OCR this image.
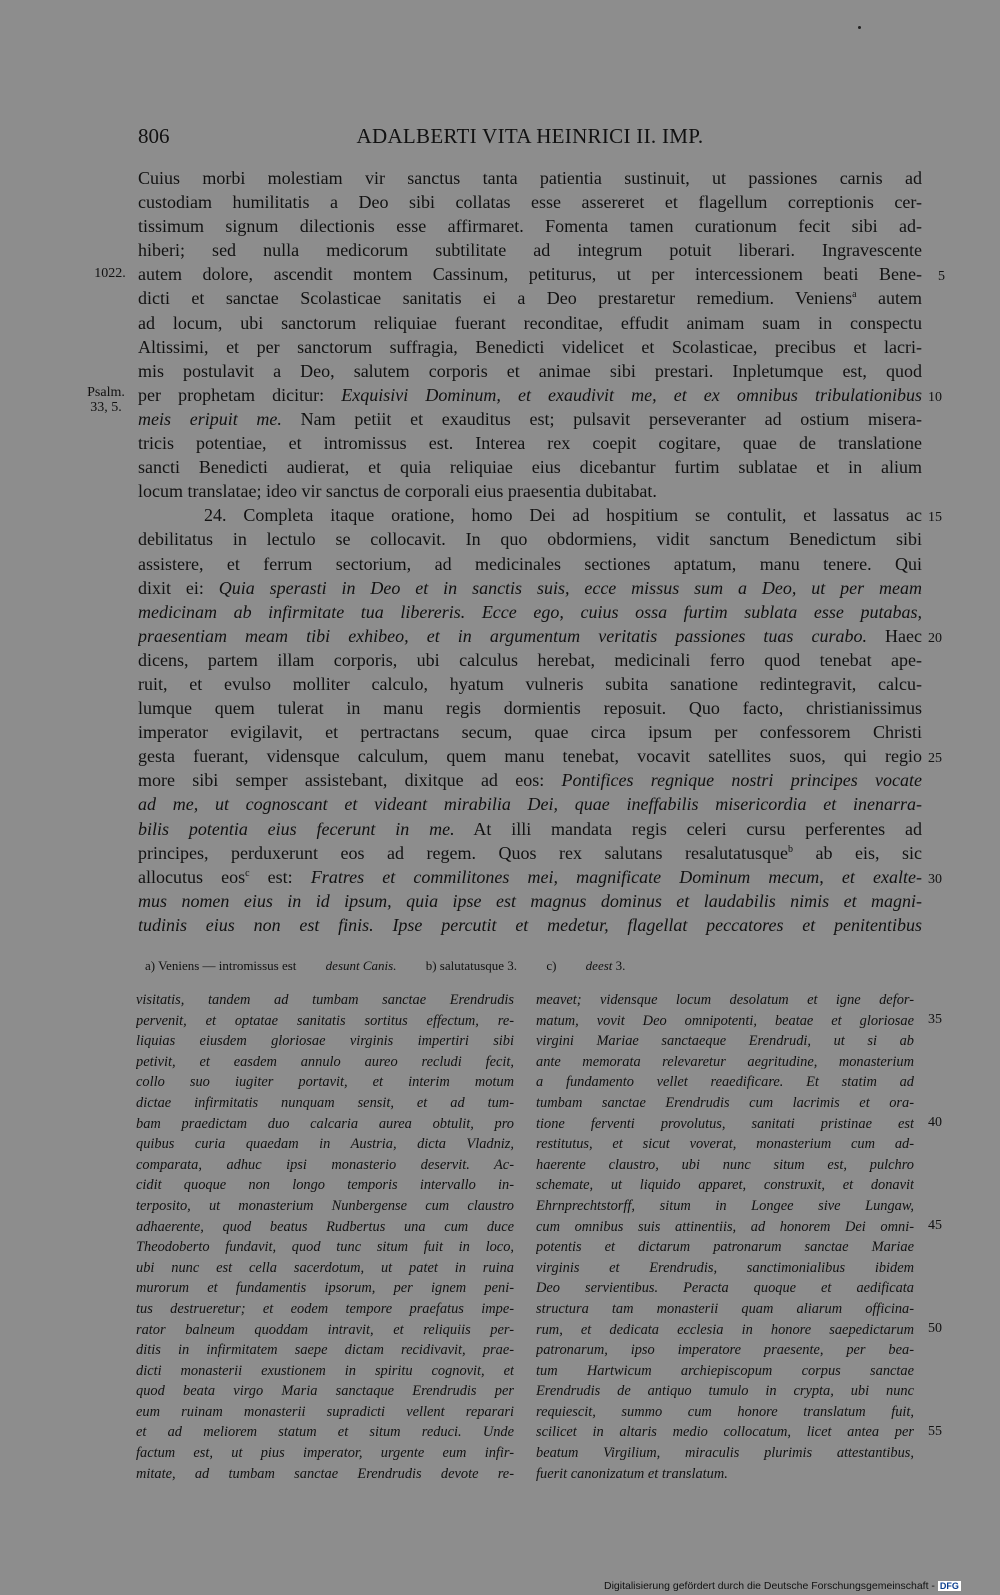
806	ADALBERTI VITA HEINRICI II. IMP.
1022.
Psalm.
33, 5.
5
10
15
20
25
30
35
40
45
50
55
Cuius morbi molestiam vir sanctus tanta patientia sustinuit, ut passiones carnis ad
custodiam humilitatis a Deo sibi collatas esse assereret et flagellum correptionis cer-
tissimum signum dilectionis esse affirmaret. Fomenta tamen curationum fecit sibi ad-
hiberi; sed nulla medicorum subtilitate ad integrum potuit liberari. Ingravescente
autem dolore, ascendit montem Cassinum, petiturus, ut per intercessionem beati Bene-
dicti et sanctae Scolasticae sanitatis ei a Deo prestaretur remedium. Veniens$^a$ autem
ad locum, ubi sanctorum reliquiae fuerant reconditae, effudit animam suam in conspectu
Altissimi, et per sanctorum suffragia, Benedicti videlicet et Scolasticae, precibus et lacri-
mis postulavit a Deo, salutem corporis et animae sibi prestari. Inpletumque est, quod
per prophetam dicitur: Exquisivi Dominum, et exaudivit me, et ex omnibus tribulationibus
meis eripuit me. Nam petiit et exauditus est; pulsavit perseveranter ad ostium misera-
tricis potentiae, et intromissus est. Interea rex coepit cogitare, quae de translatione
sancti Benedicti audierat, et quia reliquiae eius dicebantur furtim sublatae et in alium
locum translatae; ideo vir sanctus de corporali eius praesentia dubitabat.
24. Completa itaque oratione, homo Dei ad hospitium se contulit, et lassatus ac
debilitatus in lectulo se collocavit. In quo obdormiens, vidit sanctum Benedictum sibi
assistere, et ferrum sectorium, ad medicinales sectiones aptatum, manu tenere. Qui
dixit ei: Quia sperasti in Deo et in sanctis suis, ecce missus sum a Deo, ut per meam
medicinam ab infirmitate tua libereris. Ecce ego, cuius ossa furtim sublata esse putabas,
praesentiam meam tibi exhibeo, et in argumentum veritatis passiones tuas curabo. Haec
dicens, partem illam corporis, ubi calculus herebat, medicinali ferro quod tenebat ape-
ruit, et evulso molliter calculo, hyatum vulneris subita sanatione redintegravit, calcu-
lumque quem tulerat in manu regis dormientis reposuit. Quo facto, christianissimus
imperator evigilavit, et pertractans secum, quae circa ipsum per confessorem Christi
gesta fuerant, vidensque calculum, quem manu tenebat, vocavit satellites suos, qui regio
more sibi semper assistebant, dixitque ad eos: Pontifices regnique nostri principes vocate
ad me, ut cognoscant et videant mirabilia Dei, quae ineffabilis misericordia et inenarra-
bilis potentia eius fecerunt in me. At illi mandata regis celeri cursu perferentes ad
principes, perduxerunt eos ad regem. Quos rex salutans resalutatusque$^b$ ab eis, sic
allocutus eos$^c$ est: Fratres et commilitones mei, magnificate Dominum mecum, et exalte-
mus nomen eius in id ipsum, quia ipse est magnus dominus et laudabilis nimis et magni-
tudinis eius non est finis. Ipse percutit et medetur, flagellat peccatores et penitentibus
a) Veniens — intromissus est desunt Canis. b) salutatusque 3. c) deest 3.
visitatis, tandem ad tumbam sanctae Erendrudis
pervenit, et optatae sanitatis sortitus effectum, re-
liquias eiusdem gloriosae virginis impertiri sibi
petivit, et easdem annulo aureo recludi fecit,
collo suo iugiter portavit, et interim motum
dictae infirmitatis nunquam sensit, et ad tum-
bam praedictam duo calcaria aurea obtulit, pro
quibus curia quaedam in Austria, dicta Vladniz,
comparata, adhuc ipsi monasterio deservit. Ac-
cidit quoque non longo temporis intervallo in-
terposito, ut monasterium Nunbergense cum claustro
adhaerente, quod beatus Rudbertus una cum duce
Theodoberto fundavit, quod tunc situm fuit in loco,
ubi nunc est cella sacerdotum, ut patet in ruina
murorum et fundamentis ipsorum, per ignem peni-
tus destrueretur; et eodem tempore praefatus impe-
rator balneum quoddam intravit, et reliquiis per-
ditis in infirmitatem saepe dictam recidivavit, prae-
dicti monasterii exustionem in spiritu cognovit, et
quod beata virgo Maria sanctaque Erendrudis per
eum ruinam monasterii supradicti vellent reparari
et ad meliorem statum et situm reduci. Unde
factum est, ut pius imperator, urgente eum infir-
mitate, ad tumbam sanctae Erendrudis devote re-
meavet; vidensque locum desolatum et igne defor-
matum, vovit Deo omnipotenti, beatae et gloriosae
virgini Mariae sanctaeque Erendrudi, ut si ab
ante memorata relevaretur aegritudine, monasterium
a fundamento vellet reaedificare. Et statim ad
tumbam sanctae Erendrudis cum lacrimis et ora-
tione ferventi provolutus, sanitati pristinae est
restitutus, et sicut voverat, monasterium cum ad-
haerente claustro, ubi nunc situm est, pulchro
schemate, ut liquido apparet, construxit, et donavit
Ehrnprechtstorff, situm in Longee sive Lungaw,
cum omnibus suis attinentiis, ad honorem Dei omni-
potentis et dictarum patronarum sanctae Mariae
virginis et Erendrudis, sanctimonialibus ibidem
Deo servientibus. Peracta quoque et aedificata
structura tam monasterii quam aliarum officina-
rum, et dedicata ecclesia in honore saepedictarum
patronarum, ipso imperatore praesente, per bea-
tum Hartwicum archiepiscopum corpus sanctae
Erendrudis de antiquo tumulo in crypta, ubi nunc
requiescit, summo cum honore translatum fuit,
scilicet in altaris medio collocatum, licet antea per
beatum Virgilium, miraculis plurimis attestantibus,
fuerit canonizatum et translatum.
Digitalisierung gefördert durch die Deutsche Forschungsgemeinschaft - DFG
